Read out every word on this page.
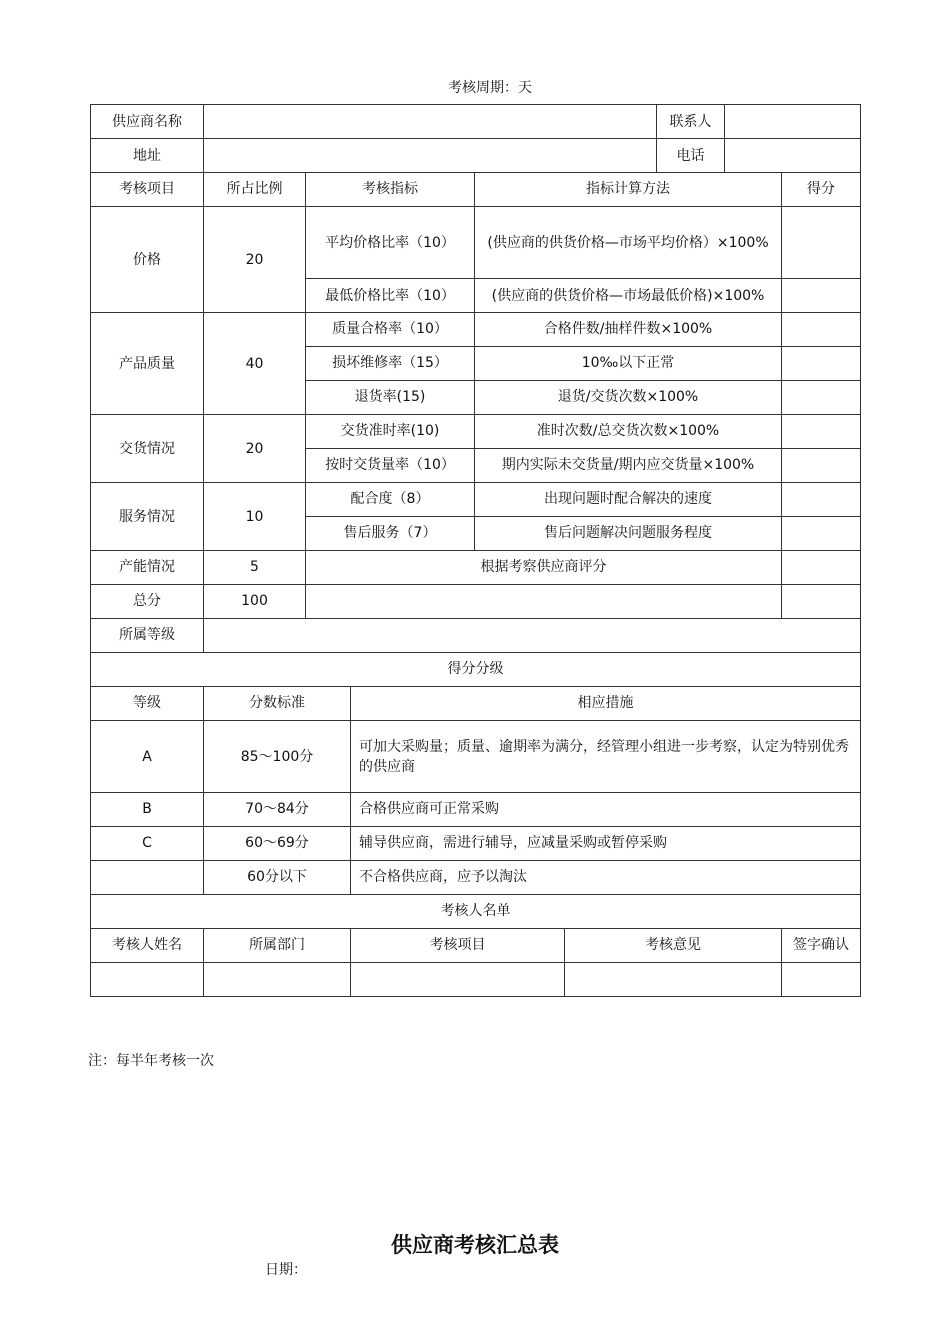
考核周期：天
供应商名称						联系人		
地址						电话		
考核项目	所占比例	考核指标		指标计算方法				得分
价格	20	平均价格比率（10）		(供应商的供货价格—市场平均价格）×100%				
		最低价格比率（10）		(供应商的供货价格—市场最低价格)×100%				
产品质量	40	质量合格率（10）		合格件数/抽样件数×100%				
		损坏维修率（15）		10‰以下正常				
		退货率(15)		退货/交货次数×100%				
交货情况	20	交货准时率(10)		准时次数/总交货次数×100%				
		按时交货量率（10）		期内实际未交货量/期内应交货量×100%				
服务情况	10	配合度（8）		出现问题时配合解决的速度				
		售后服务（7）		售后问题解决问题服务程度				
产能情况	5	根据考察供应商评分						
总分	100							
所属等级								
得分分级								
等级	分数标准		相应措施					
A	85～100分		可加大采购量；质量、逾期率为满分，经管理小组进一步考察，认定为特别优秀的供应商					
B	70～84分		合格供应商可正常采购					
C	60～69分		辅导供应商，需进行辅导，应减量采购或暂停采购					
	60分以下		不合格供应商，应予以淘汰					
考核人名单								
考核人姓名	所属部门		考核项目		考核意见			签字确认

注：每半年考核一次
供应商考核汇总表
日期：
